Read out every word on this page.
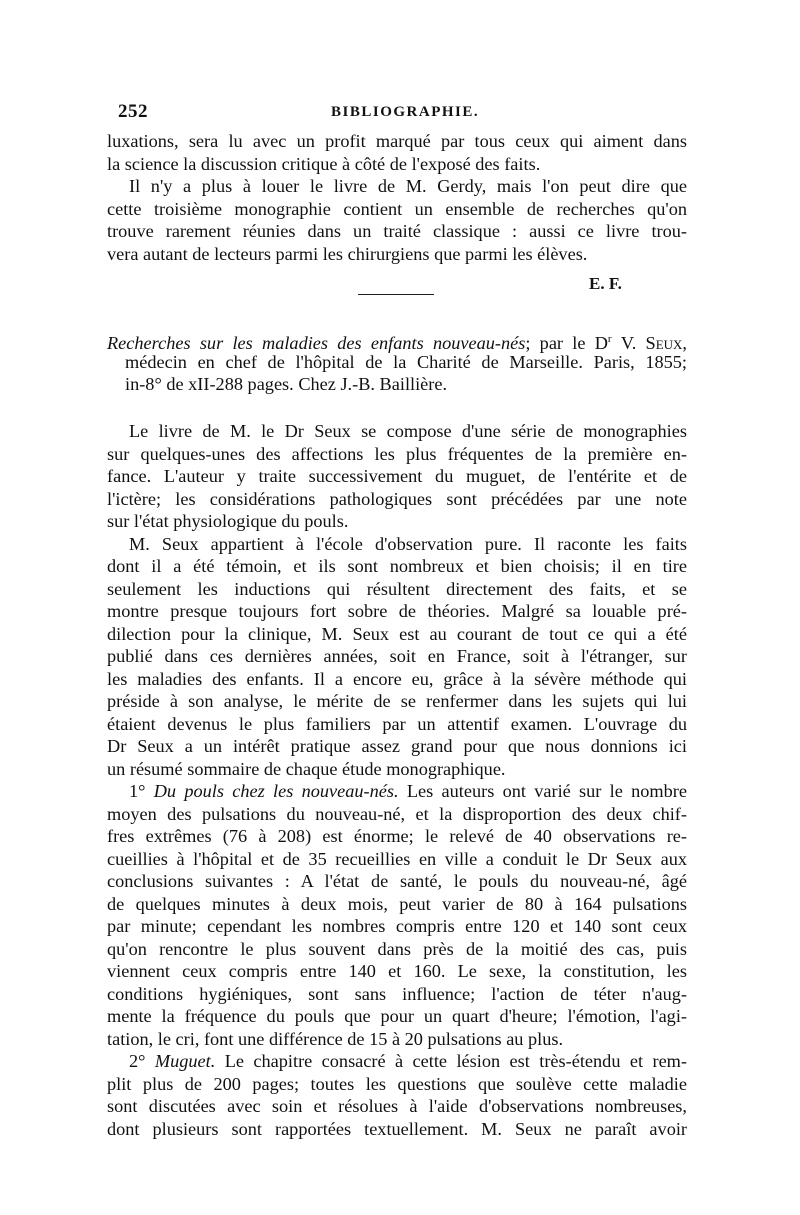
252	BIBLIOGRAPHIE.
luxations, sera lu avec un profit marqué par tous ceux qui aiment dans
la science la discussion critique à côté de l'exposé des faits.
Il n'y a plus à louer le livre de M. Gerdy, mais l'on peut dire que
cette troisième monographie contient un ensemble de recherches qu'on
trouve rarement réunies dans un traité classique : aussi ce livre trou-
vera autant de lecteurs parmi les chirurgiens que parmi les élèves.
E. F.
Recherches sur les maladies des enfants nouveau-nés; par le $D^r$ V. Seux,
médecin en chef de l'hôpital de la Charité de Marseille. Paris, 1855;
in-8° de xII-288 pages. Chez J.-B. Baillière.
Le livre de M. le Dr Seux se compose d'une série de monographies
sur quelques-unes des affections les plus fréquentes de la première en-
fance. L'auteur y traite successivement du muguet, de l'entérite et de
l'ictère; les considérations pathologiques sont précédées par une note
sur l'état physiologique du pouls.
M. Seux appartient à l'école d'observation pure. Il raconte les faits
dont il a été témoin, et ils sont nombreux et bien choisis; il en tire
seulement les inductions qui résultent directement des faits, et se
montre presque toujours fort sobre de théories. Malgré sa louable pré-
dilection pour la clinique, M. Seux est au courant de tout ce qui a été
publié dans ces dernières années, soit en France, soit à l'étranger, sur
les maladies des enfants. Il a encore eu, grâce à la sévère méthode qui
préside à son analyse, le mérite de se renfermer dans les sujets qui lui
étaient devenus le plus familiers par un attentif examen. L'ouvrage du
Dr Seux a un intérêt pratique assez grand pour que nous donnions ici
un résumé sommaire de chaque étude monographique.
1° Du pouls chez les nouveau-nés. Les auteurs ont varié sur le nombre
moyen des pulsations du nouveau-né, et la disproportion des deux chif-
fres extrêmes (76 à 208) est énorme; le relevé de 40 observations re-
cueillies à l'hôpital et de 35 recueillies en ville a conduit le Dr Seux aux
conclusions suivantes : A l'état de santé, le pouls du nouveau-né, âgé
de quelques minutes à deux mois, peut varier de 80 à 164 pulsations
par minute; cependant les nombres compris entre 120 et 140 sont ceux
qu'on rencontre le plus souvent dans près de la moitié des cas, puis
viennent ceux compris entre 140 et 160. Le sexe, la constitution, les
conditions hygiéniques, sont sans influence; l'action de téter n'aug-
mente la fréquence du pouls que pour un quart d'heure; l'émotion, l'agi-
tation, le cri, font une différence de 15 à 20 pulsations au plus.
2° Muguet. Le chapitre consacré à cette lésion est très-étendu et rem-
plit plus de 200 pages; toutes les questions que soulève cette maladie
sont discutées avec soin et résolues à l'aide d'observations nombreuses,
dont plusieurs sont rapportées textuellement. M. Seux ne paraît avoir
